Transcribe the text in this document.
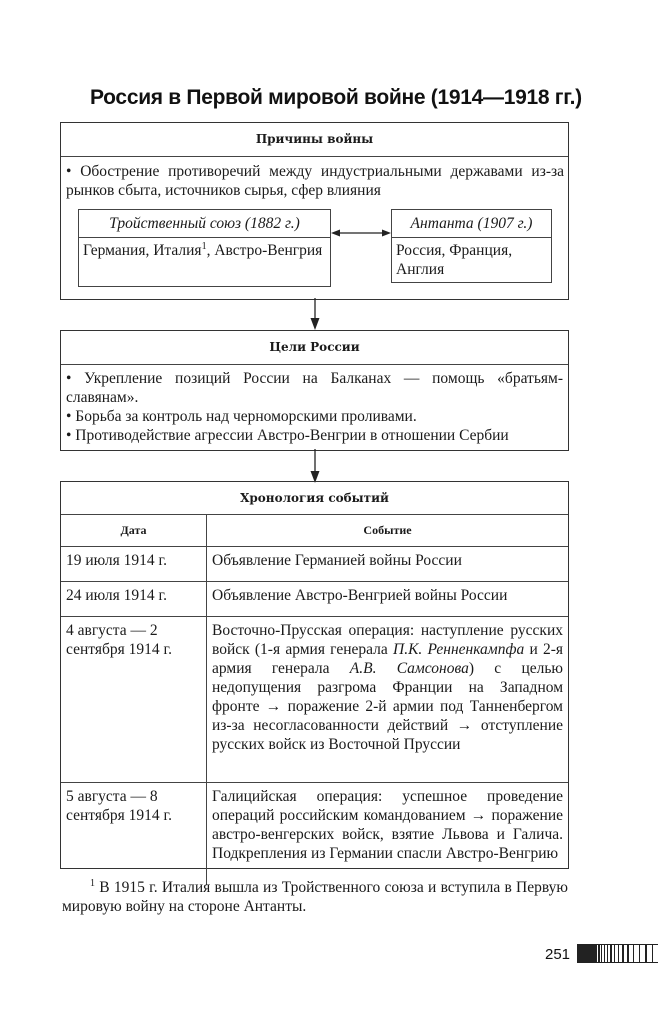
Россия в Первой мировой войне (1914—1918 гг.)
Причины войны
• Обострение противоречий между индустриальными державами из-за рынков сбыта, источников сырья, сфер влияния
Тройственный союз (1882 г.)
Германия, Италия$^1$, Австро-Венгрия
Антанта (1907 г.)
Россия, Франция, Англия
Цели России
• Укрепление позиций России на Балканах — помощь «братьям-славянам».
• Борьба за контроль над черноморскими проливами.
• Противодействие агрессии Австро-Венгрии в отношении Сербии
Хронология событий
Дата	Событие
19 июля 1914 г.	Объявление Германией войны России
24 июля 1914 г.	Объявление Австро-Венгрией войны России
4 августа — 2 сентября 1914 г.	Восточно-Прусская операция: наступление русских войск (1-я армия генерала П.К. Ренненкампфа и 2-я армия генерала А.В. Самсонова) с целью недопущения разгрома Франции на Западном фронте → поражение 2-й армии под Танненбергом из-за несогласованности действий → отступление русских войск из Восточной Пруссии
5 августа — 8 сентября 1914 г.	Галицийская операция: успешное проведение операций российским командованием → поражение австро-венгерских войск, взятие Львова и Галича. Подкрепления из Германии спасли Австро-Венгрию
$^1$ В 1915 г. Италия вышла из Тройственного союза и вступила в Первую мировую войну на стороне Антанты.
251
